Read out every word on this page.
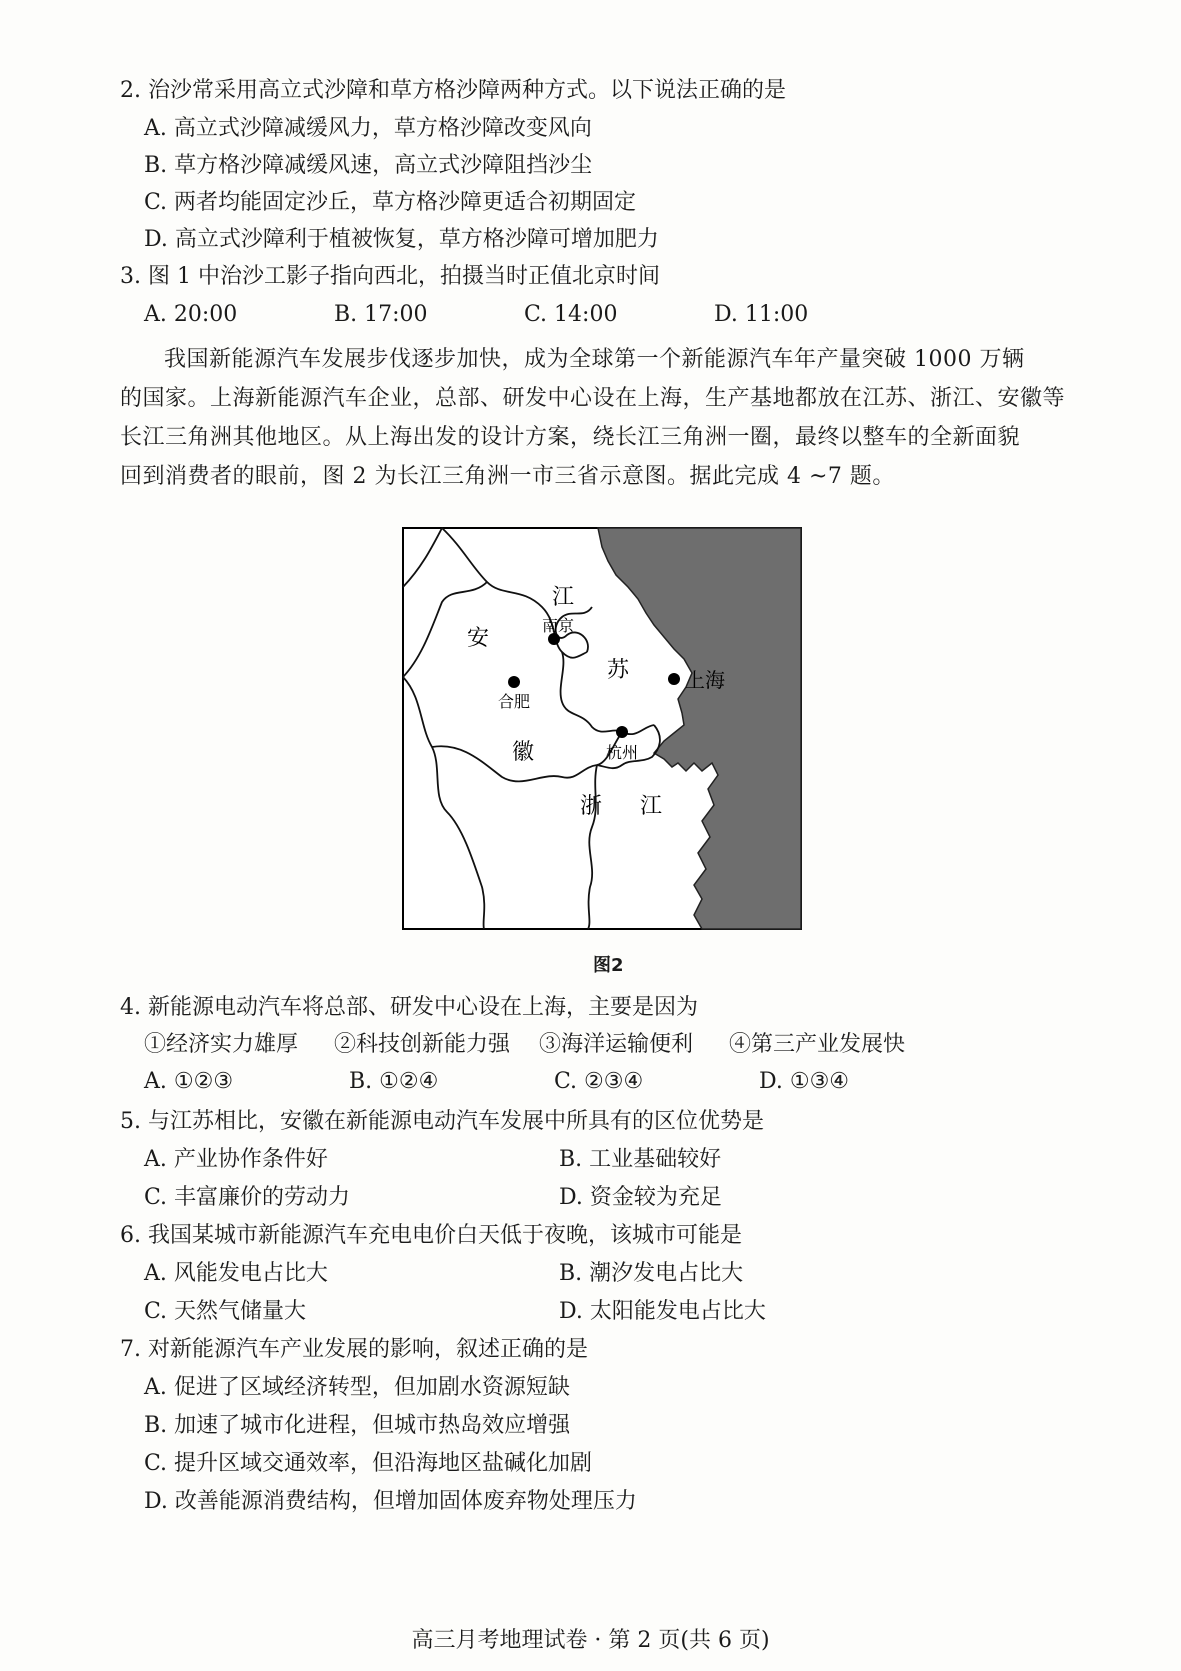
2. 治沙常采用高立式沙障和草方格沙障两种方式。以下说法正确的是
A. 高立式沙障减缓风力，草方格沙障改变风向
B. 草方格沙障减缓风速，高立式沙障阻挡沙尘
C. 两者均能固定沙丘，草方格沙障更适合初期固定
D. 高立式沙障利于植被恢复，草方格沙障可增加肥力
3. 图 1 中治沙工影子指向西北，拍摄当时正值北京时间
A. 20:00	B. 17:00	C. 14:00	D. 11:00

我国新能源汽车发展步伐逐步加快，成为全球第一个新能源汽车年产量突破 1000 万辆

的国家。上海新能源汽车企业，总部、研发中心设在上海，生产基地都放在江苏、浙江、安徽等

长江三角洲其他地区。从上海出发的设计方案，绕长江三角洲一圈，最终以整车的全新面貌

回到消费者的眼前，图 2 为长江三角洲一市三省示意图。据此完成 4 ~7 题。

江
南京
安
苏
合肥
上海
徽	杭州
浙 江
图2
4. 新能源电动汽车将总部、研发中心设在上海，主要是因为
①经济实力雄厚	②科技创新能力强	③海洋运输便利	④第三产业发展快
A. ①②③	B. ①②④	C. ②③④	D. ①③④
5. 与江苏相比，安徽在新能源电动汽车发展中所具有的区位优势是
A. 产业协作条件好	B. 工业基础较好
C. 丰富廉价的劳动力	D. 资金较为充足
6. 我国某城市新能源汽车充电电价白天低于夜晚，该城市可能是
A. 风能发电占比大	B. 潮汐发电占比大
C. 天然气储量大	D. 太阳能发电占比大
7. 对新能源汽车产业发展的影响，叙述正确的是
A. 促进了区域经济转型，但加剧水资源短缺
B. 加速了城市化进程，但城市热岛效应增强
C. 提升区域交通效率，但沿海地区盐碱化加剧
D. 改善能源消费结构，但增加固体废弃物处理压力
高三月考地理试卷 · 第 2 页(共 6 页)
